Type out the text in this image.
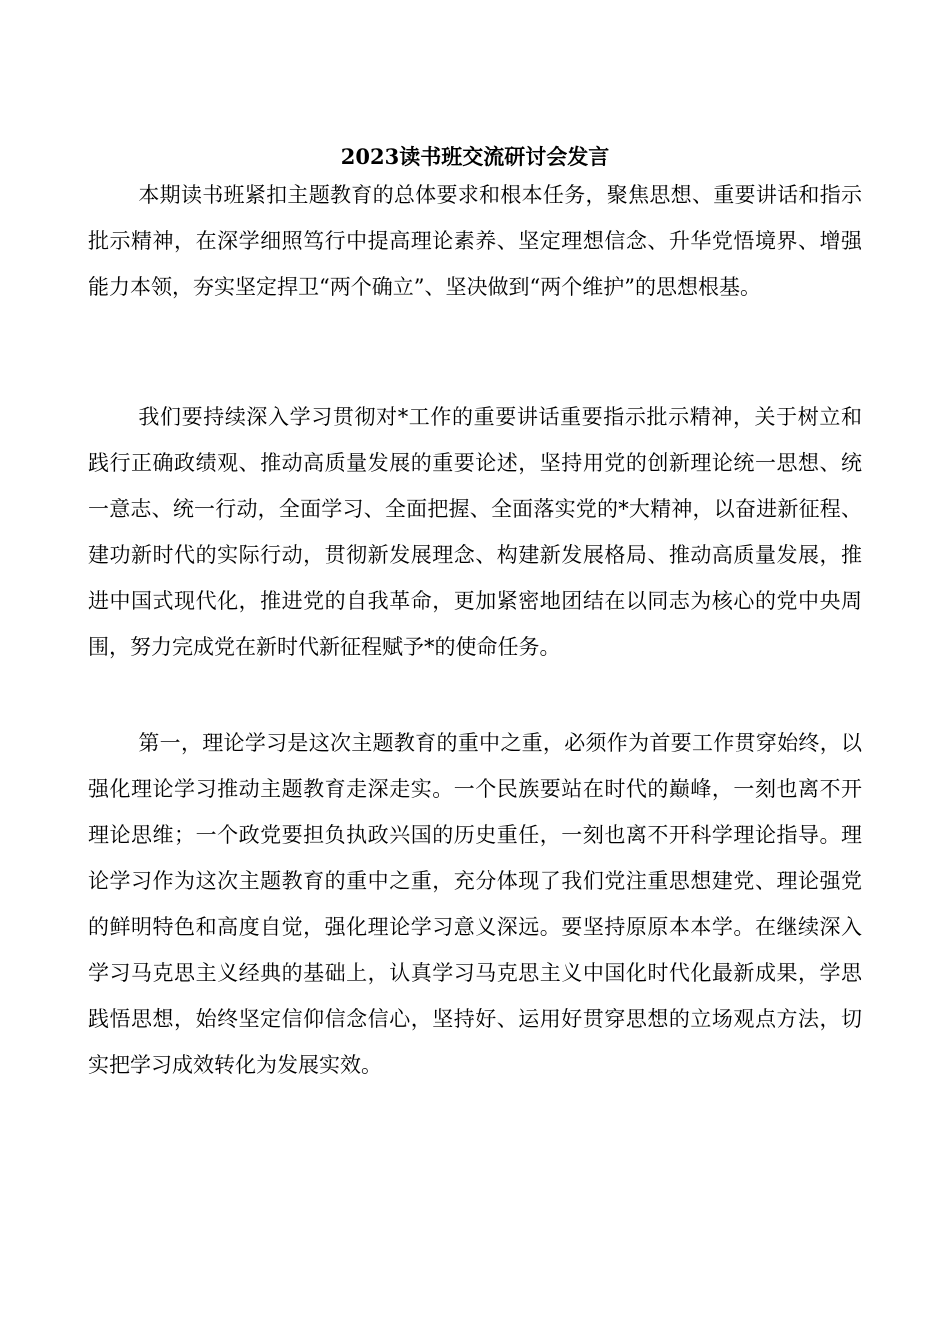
2023读书班交流研讨会发言

本期读书班紧扣主题教育的总体要求和根本任务，聚焦思想、重要讲话和指示批示精神，在深学细照笃行中提高理论素养、坚定理想信念、升华党悟境界、增强能力本领，夯实坚定捍卫“两个确立”、坚决做到“两个维护”的思想根基。

我们要持续深入学习贯彻对*工作的重要讲话重要指示批示精神，关于树立和践行正确政绩观、推动高质量发展的重要论述，坚持用党的创新理论统一思想、统一意志、统一行动，全面学习、全面把握、全面落实党的*大精神，以奋进新征程、建功新时代的实际行动，贯彻新发展理念、构建新发展格局、推动高质量发展，推进中国式现代化，推进党的自我革命，更加紧密地团结在以同志为核心的党中央周围，努力完成党在新时代新征程赋予*的使命任务。

第一，理论学习是这次主题教育的重中之重，必须作为首要工作贯穿始终，以强化理论学习推动主题教育走深走实。一个民族要站在时代的巅峰，一刻也离不开理论思维；一个政党要担负执政兴国的历史重任，一刻也离不开科学理论指导。理论学习作为这次主题教育的重中之重，充分体现了我们党注重思想建党、理论强党的鲜明特色和高度自觉，强化理论学习意义深远。要坚持原原本本学。在继续深入学习马克思主义经典的基础上，认真学习马克思主义中国化时代化最新成果，学思践悟思想，始终坚定信仰信念信心，坚持好、运用好贯穿思想的立场观点方法，切实把学习成效转化为发展实效。
